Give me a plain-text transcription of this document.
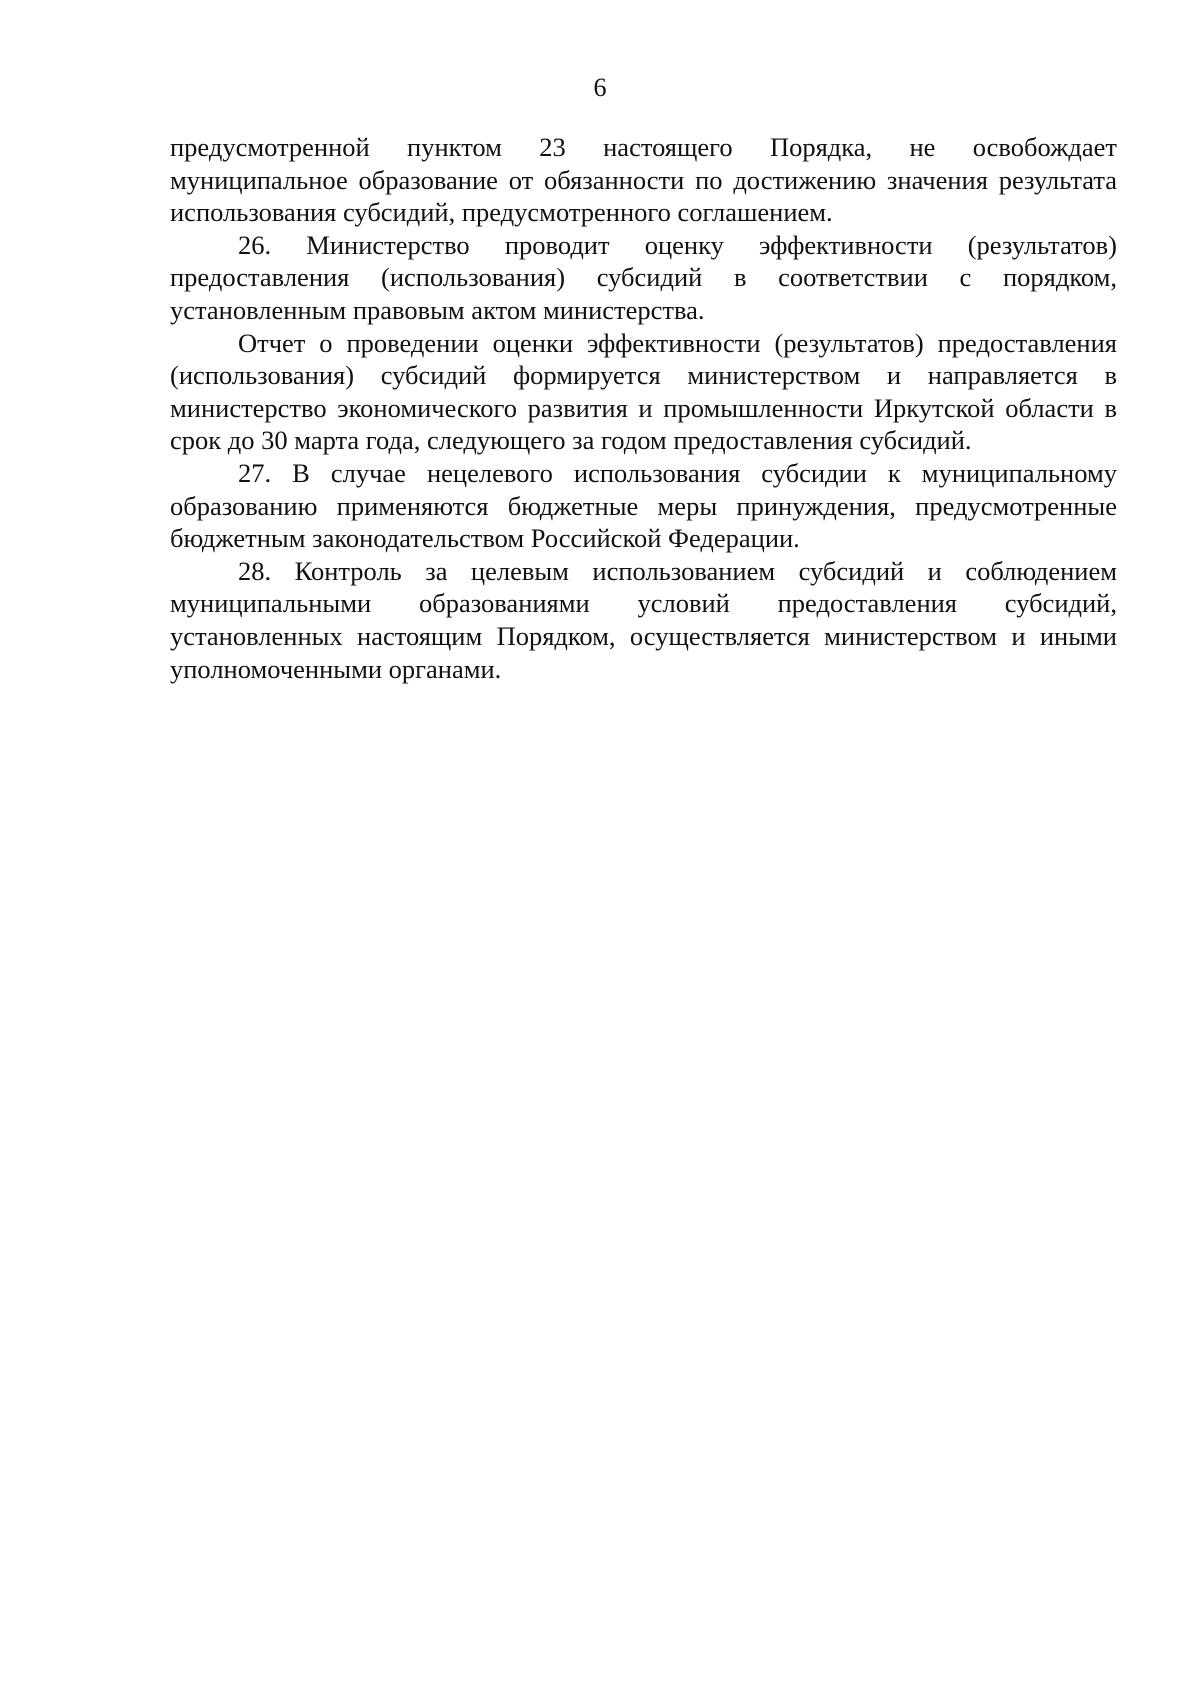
6

предусмотренной пунктом 23 настоящего Порядка, не освобождает муниципальное образование от обязанности по достижению значения результата использования субсидий, предусмотренного соглашением.

26. Министерство проводит оценку эффективности (результатов) предоставления (использования) субсидий в соответствии с порядком, установленным правовым актом министерства.

Отчет о проведении оценки эффективности (результатов) предоставления (использования) субсидий формируется министерством и направляется в министерство экономического развития и промышленности Иркутской области в срок до 30 марта года, следующего за годом предоставления субсидий.

27. В случае нецелевого использования субсидии к муниципальному образованию применяются бюджетные меры принуждения, предусмотренные бюджетным законодательством Российской Федерации.

28. Контроль за целевым использованием субсидий и соблюдением муниципальными образованиями условий предоставления субсидий, установленных настоящим Порядком, осуществляется министерством и иными уполномоченными органами.
